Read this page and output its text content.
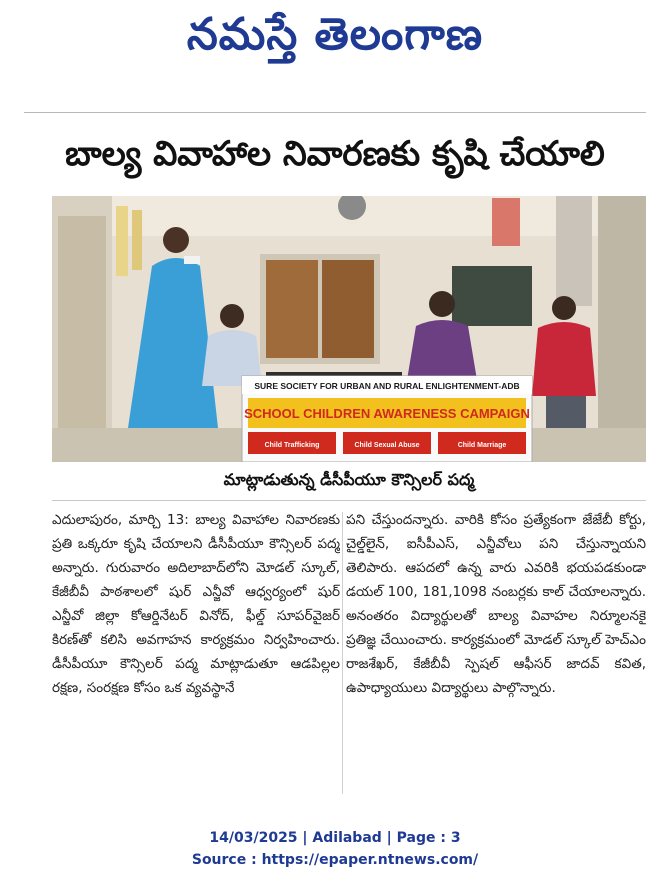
నమస్తే తెలంగాణ
బాల్య వివాహాల నివారణకు కృషి చేయాలి
SURE SOCIETY FOR URBAN AND RURAL ENLIGHTENMENT-ADB
SCHOOL CHILDREN AWARENESS CAMPAIGN
Child Trafficking	Child Sexual Abuse	Child Marriage
మాట్లాడుతున్న డీసీపీయూ కౌన్సిలర్ పద్మ

ఎదులాపురం, మార్చి 13: బాల్య వివాహాల నివారణకు ప్రతి ఒక్కరూ కృషి చేయాలని డీసీపీయూ కౌన్సిలర్ పద్మ అన్నారు. గురువారం అదిలాబాద్‌లోని మోడల్ స్కూల్, కేజీబీవీ పాఠశాలలో షుర్ ఎన్జీవో ఆధ్వర్యంలో షుర్ ఎన్జీవో జిల్లా కోఆర్డినేటర్ వినోద్, ఫీల్డ్ సూపర్‌వైజర్ కిరణ్‌తో కలిసి అవగాహన కార్యక్రమం నిర్వహించారు. డీసీపీయూ కౌన్సిలర్ పద్మ మాట్లాడుతూ ఆడపిల్లల రక్షణ, సంరక్షణ కోసం ఒక వ్యవస్థానే

పని చేస్తుందన్నారు. వారికి కోసం ప్రత్యేకంగా జేజేబీ కోర్టు, చైల్డ్‌లైన్, ఐసీపీఎస్, ఎన్జీవోలు పని చేస్తున్నాయని తెలిపారు. ఆపదలో ఉన్న వారు ఎవరికి భయపడకుండా డయల్ 100, 181,1098 నంబర్లకు కాల్ చేయాలన్నారు. అనంతరం విద్యార్థులతో బాల్య వివాహల నిర్మూలనకై ప్రతిజ్ఞ చేయించారు. కార్యక్రమంలో మోడల్ స్కూల్ హెచ్‌ఎం రాజశేఖర్, కేజీబీవీ స్పెషల్ ఆఫీసర్ జాదవ్ కవిత, ఉపాధ్యాయులు విద్యార్థులు పాల్గొన్నారు.

14/03/2025 | Adilabad | Page : 3
Source : https://epaper.ntnews.com/
